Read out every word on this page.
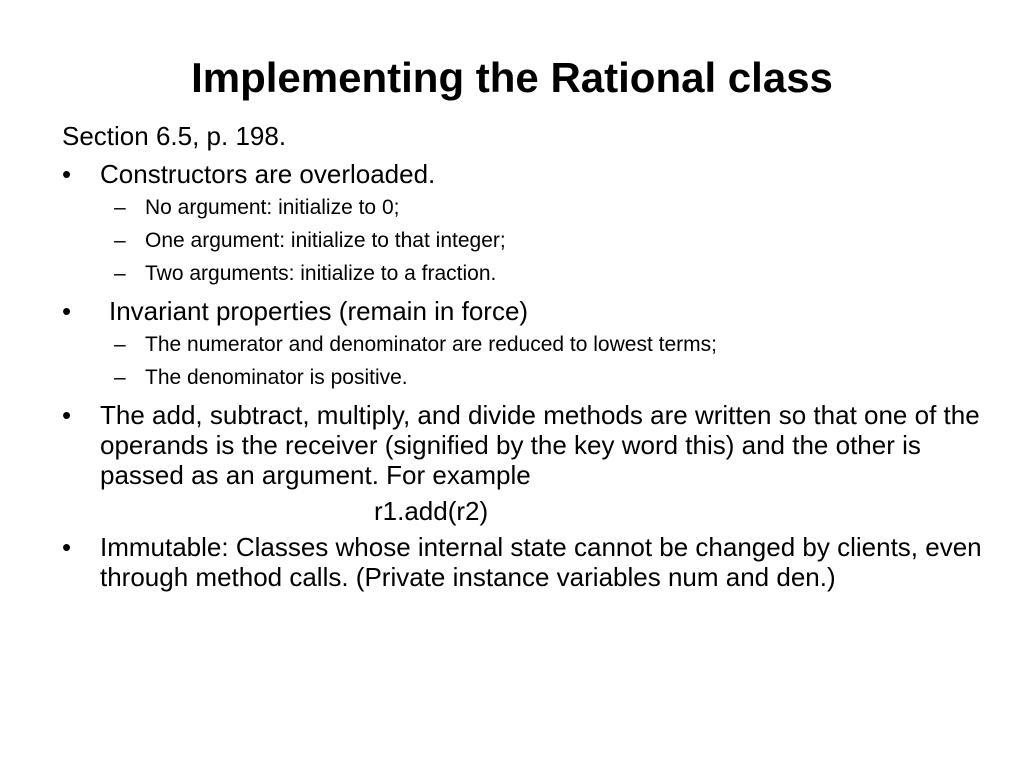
Implementing the Rational class
Section 6.5, p. 198.
•	Constructors are overloaded.
– No argument: initialize to 0;
– One argument: initialize to that integer;
– Two arguments: initialize to a fraction.
•	Invariant properties (remain in force)
– The numerator and denominator are reduced to lowest terms;
– The denominator is positive.
•	The add, subtract, multiply, and divide methods are written so that one of the operands is the receiver (signified by the key word this) and the other is passed as an argument. For example
r1.add(r2)
•	Immutable: Classes whose internal state cannot be changed by clients, even through method calls. (Private instance variables num and den.)
